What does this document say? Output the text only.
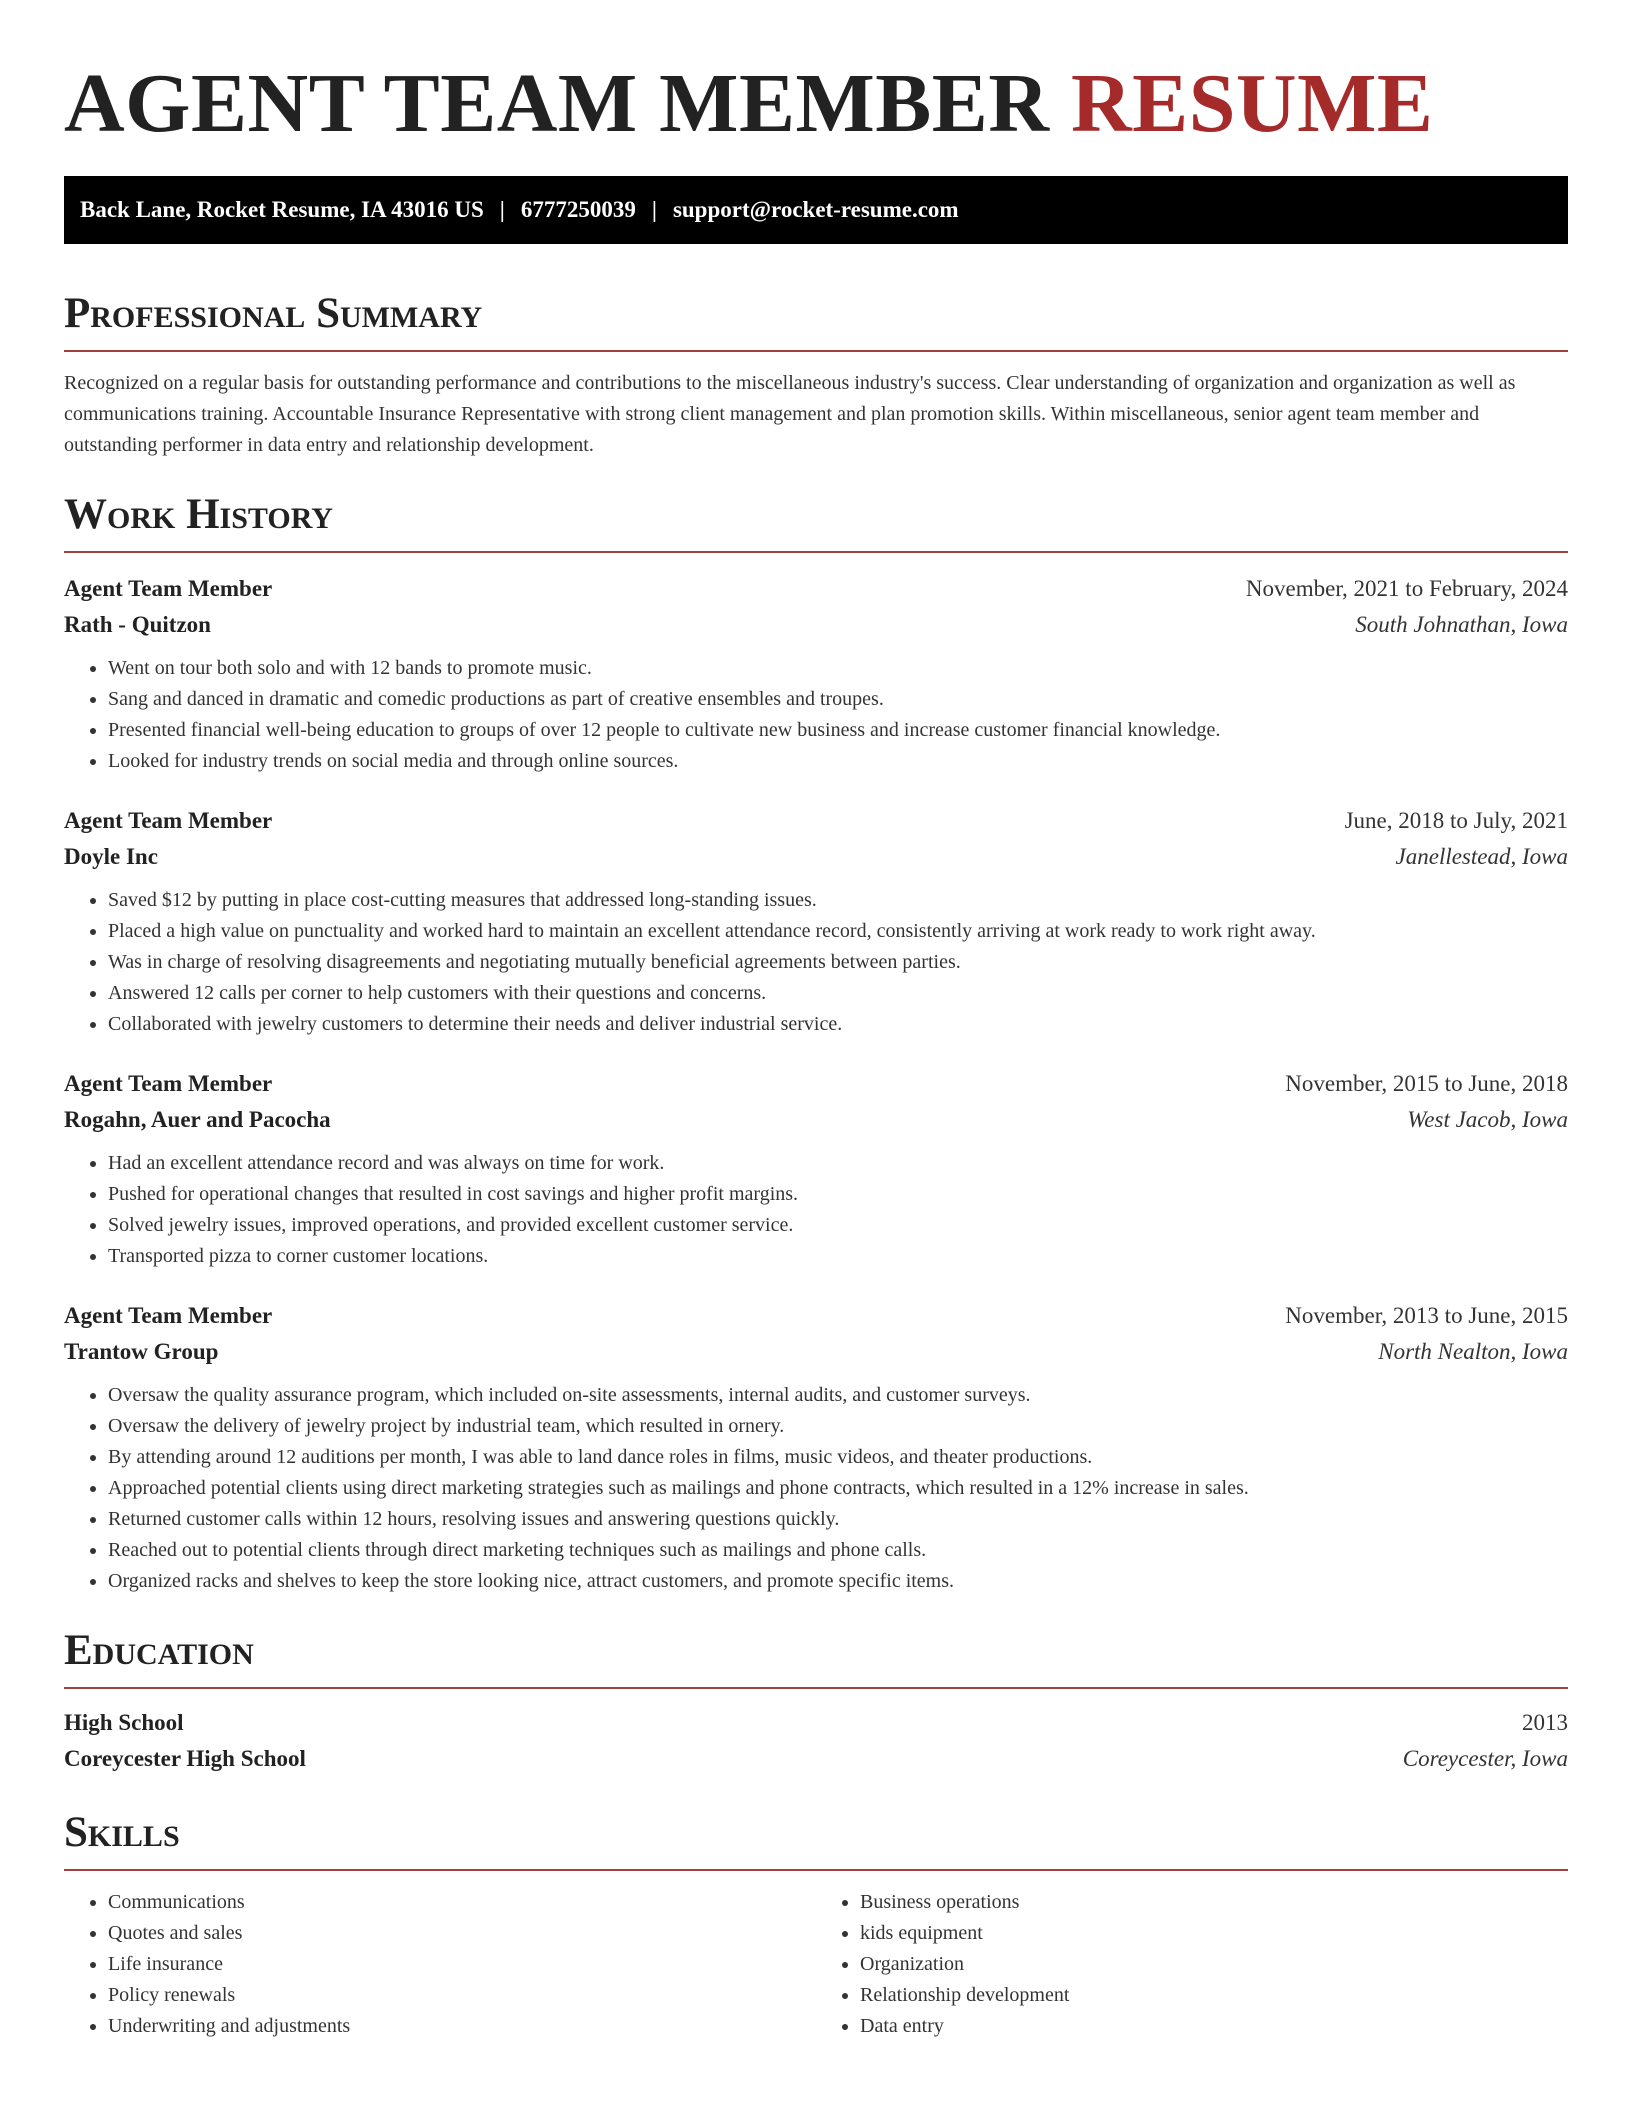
AGENT TEAM MEMBER RESUME
Back Lane, Rocket Resume, IA 43016 US | 6777250039 | support@rocket-resume.com
Professional Summary

Recognized on a regular basis for outstanding performance and contributions to the miscellaneous industry's success. Clear understanding of organization and organization as well as communications training. Accountable Insurance Representative with strong client management and plan promotion skills. Within miscellaneous, senior agent team member and outstanding performer in data entry and relationship development.

Work History
Agent Team Member	November, 2021 to February, 2024
Rath - Quitzon	South Johnathan, Iowa
• Went on tour both solo and with 12 bands to promote music.
• Sang and danced in dramatic and comedic productions as part of creative ensembles and troupes.
• Presented financial well-being education to groups of over 12 people to cultivate new business and increase customer financial knowledge.
• Looked for industry trends on social media and through online sources.
Agent Team Member	June, 2018 to July, 2021
Doyle Inc	Janellestead, Iowa
• Saved $12 by putting in place cost-cutting measures that addressed long-standing issues.
• Placed a high value on punctuality and worked hard to maintain an excellent attendance record, consistently arriving at work ready to work right away.
• Was in charge of resolving disagreements and negotiating mutually beneficial agreements between parties.
• Answered 12 calls per corner to help customers with their questions and concerns.
• Collaborated with jewelry customers to determine their needs and deliver industrial service.
Agent Team Member	November, 2015 to June, 2018
Rogahn, Auer and Pacocha	West Jacob, Iowa
• Had an excellent attendance record and was always on time for work.
• Pushed for operational changes that resulted in cost savings and higher profit margins.
• Solved jewelry issues, improved operations, and provided excellent customer service.
• Transported pizza to corner customer locations.
Agent Team Member	November, 2013 to June, 2015
Trantow Group	North Nealton, Iowa
• Oversaw the quality assurance program, which included on-site assessments, internal audits, and customer surveys.
• Oversaw the delivery of jewelry project by industrial team, which resulted in ornery.
• By attending around 12 auditions per month, I was able to land dance roles in films, music videos, and theater productions.
• Approached potential clients using direct marketing strategies such as mailings and phone contracts, which resulted in a 12% increase in sales.
• Returned customer calls within 12 hours, resolving issues and answering questions quickly.
• Reached out to potential clients through direct marketing techniques such as mailings and phone calls.
• Organized racks and shelves to keep the store looking nice, attract customers, and promote specific items.
Education
High School	2013
Coreycester High School	Coreycester, Iowa
Skills
• Communications
• Quotes and sales
• Life insurance
• Policy renewals
• Underwriting and adjustments
• Business operations
• kids equipment
• Organization
• Relationship development
• Data entry
